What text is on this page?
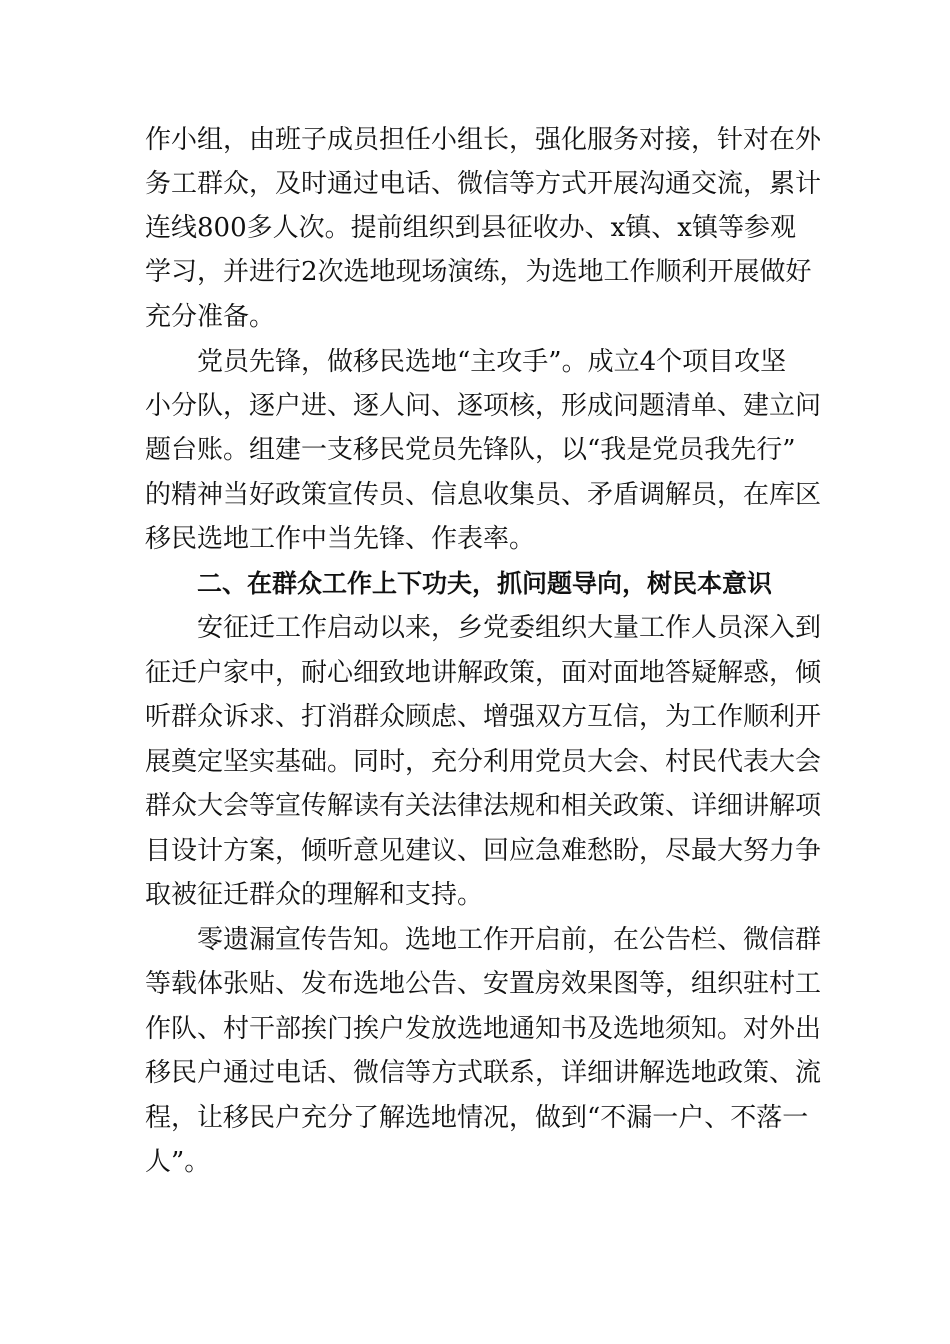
作小组，由班子成员担任小组长，强化服务对接，针对在外
务工群众，及时通过电话、微信等方式开展沟通交流，累计
连线800多人次。提前组织到县征收办、x镇、x镇等参观
学习，并进行2次选地现场演练，为选地工作顺利开展做好
充分准备。
党员先锋，做移民选地“主攻手”。成立4个项目攻坚
小分队，逐户进、逐人问、逐项核，形成问题清单、建立问
题台账。组建一支移民党员先锋队，以“我是党员我先行”
的精神当好政策宣传员、信息收集员、矛盾调解员，在库区
移民选地工作中当先锋、作表率。
二、在群众工作上下功夫，抓问题导向，树民本意识
安征迁工作启动以来，乡党委组织大量工作人员深入到
征迁户家中，耐心细致地讲解政策，面对面地答疑解惑，倾
听群众诉求、打消群众顾虑、增强双方互信，为工作顺利开
展奠定坚实基础。同时，充分利用党员大会、村民代表大会
群众大会等宣传解读有关法律法规和相关政策、详细讲解项
目设计方案，倾听意见建议、回应急难愁盼，尽最大努力争
取被征迁群众的理解和支持。
零遗漏宣传告知。选地工作开启前，在公告栏、微信群
等载体张贴、发布选地公告、安置房效果图等，组织驻村工
作队、村干部挨门挨户发放选地通知书及选地须知。对外出
移民户通过电话、微信等方式联系，详细讲解选地政策、流
程，让移民户充分了解选地情况，做到“不漏一户、不落一
人”。
